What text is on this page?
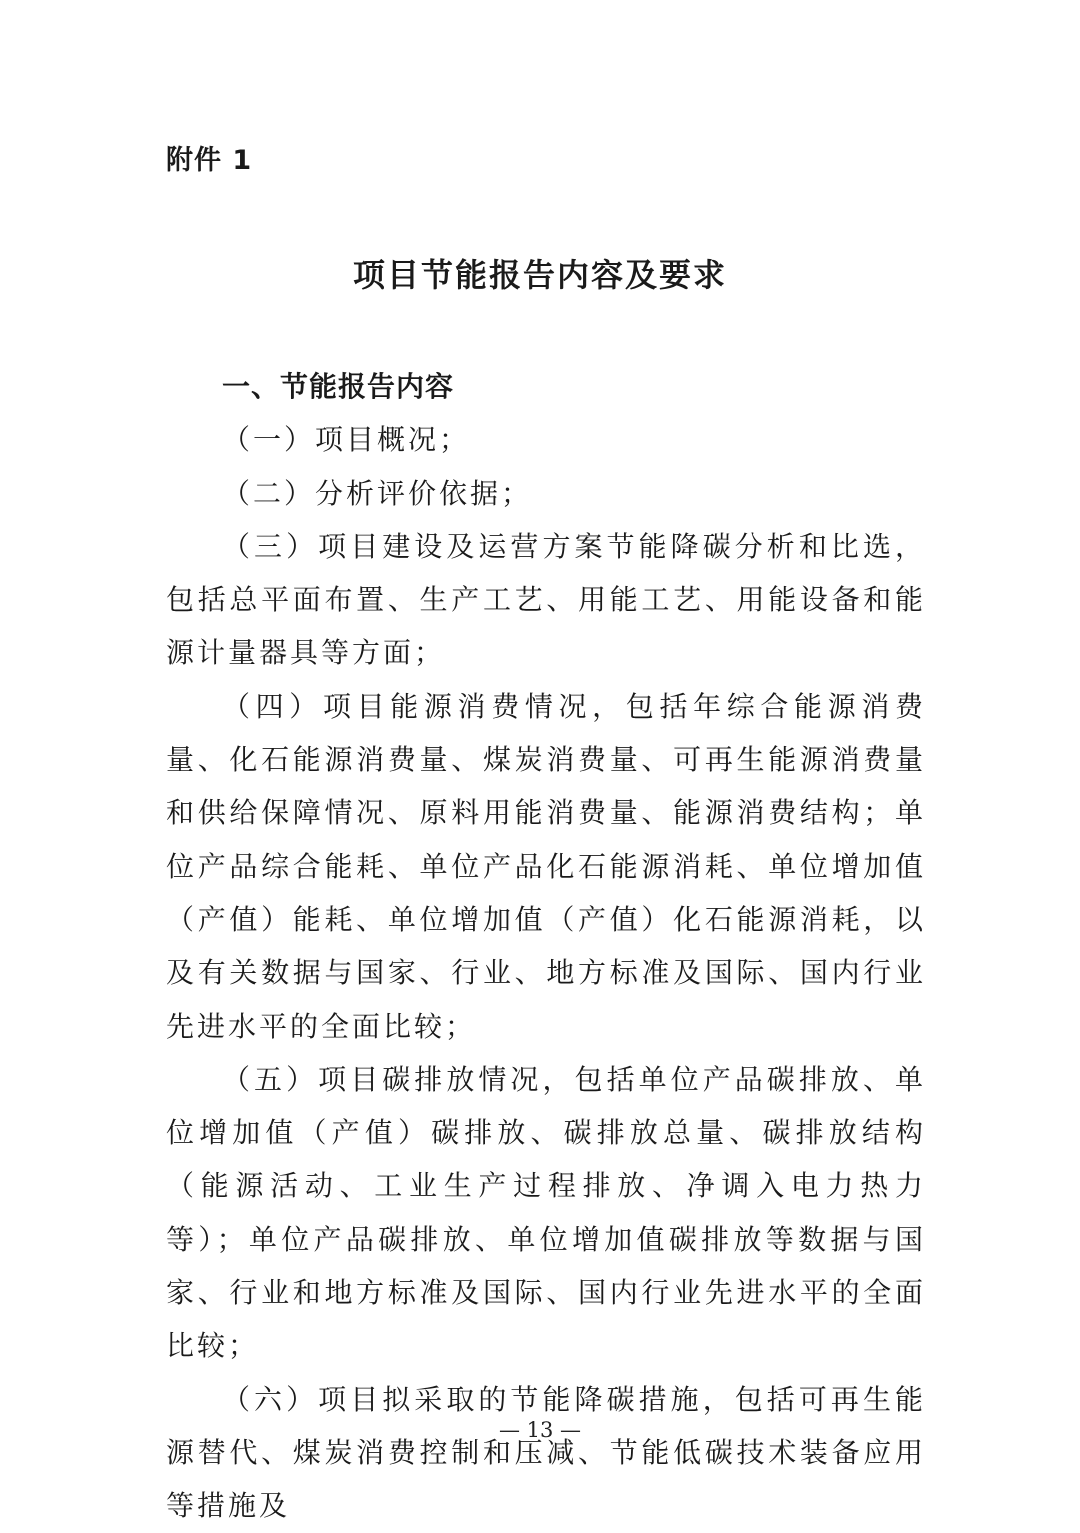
附件 1
项目节能报告内容及要求

一、节能报告内容

（一）项目概况；

（二）分析评价依据；

（三）项目建设及运营方案节能降碳分析和比选，包括总平面布置、生产工艺、用能工艺、用能设备和能源计量器具等方面；

（四）项目能源消费情况，包括年综合能源消费量、化石能源消费量、煤炭消费量、可再生能源消费量和供给保障情况、原料用能消费量、能源消费结构；单位产品综合能耗、单位产品化石能源消耗、单位增加值（产值）能耗、单位增加值（产值）化石能源消耗，以及有关数据与国家、行业、地方标准及国际、国内行业先进水平的全面比较；

（五）项目碳排放情况，包括单位产品碳排放、单位增加值（产值）碳排放、碳排放总量、碳排放结构（能源活动、工业生产过程排放、净调入电力热力等）；单位产品碳排放、单位增加值碳排放等数据与国家、行业和地方标准及国际、国内行业先进水平的全面比较；

（六）项目拟采取的节能降碳措施，包括可再生能源替代、煤炭消费控制和压减、节能低碳技术装备应用等措施及

— 13 —
